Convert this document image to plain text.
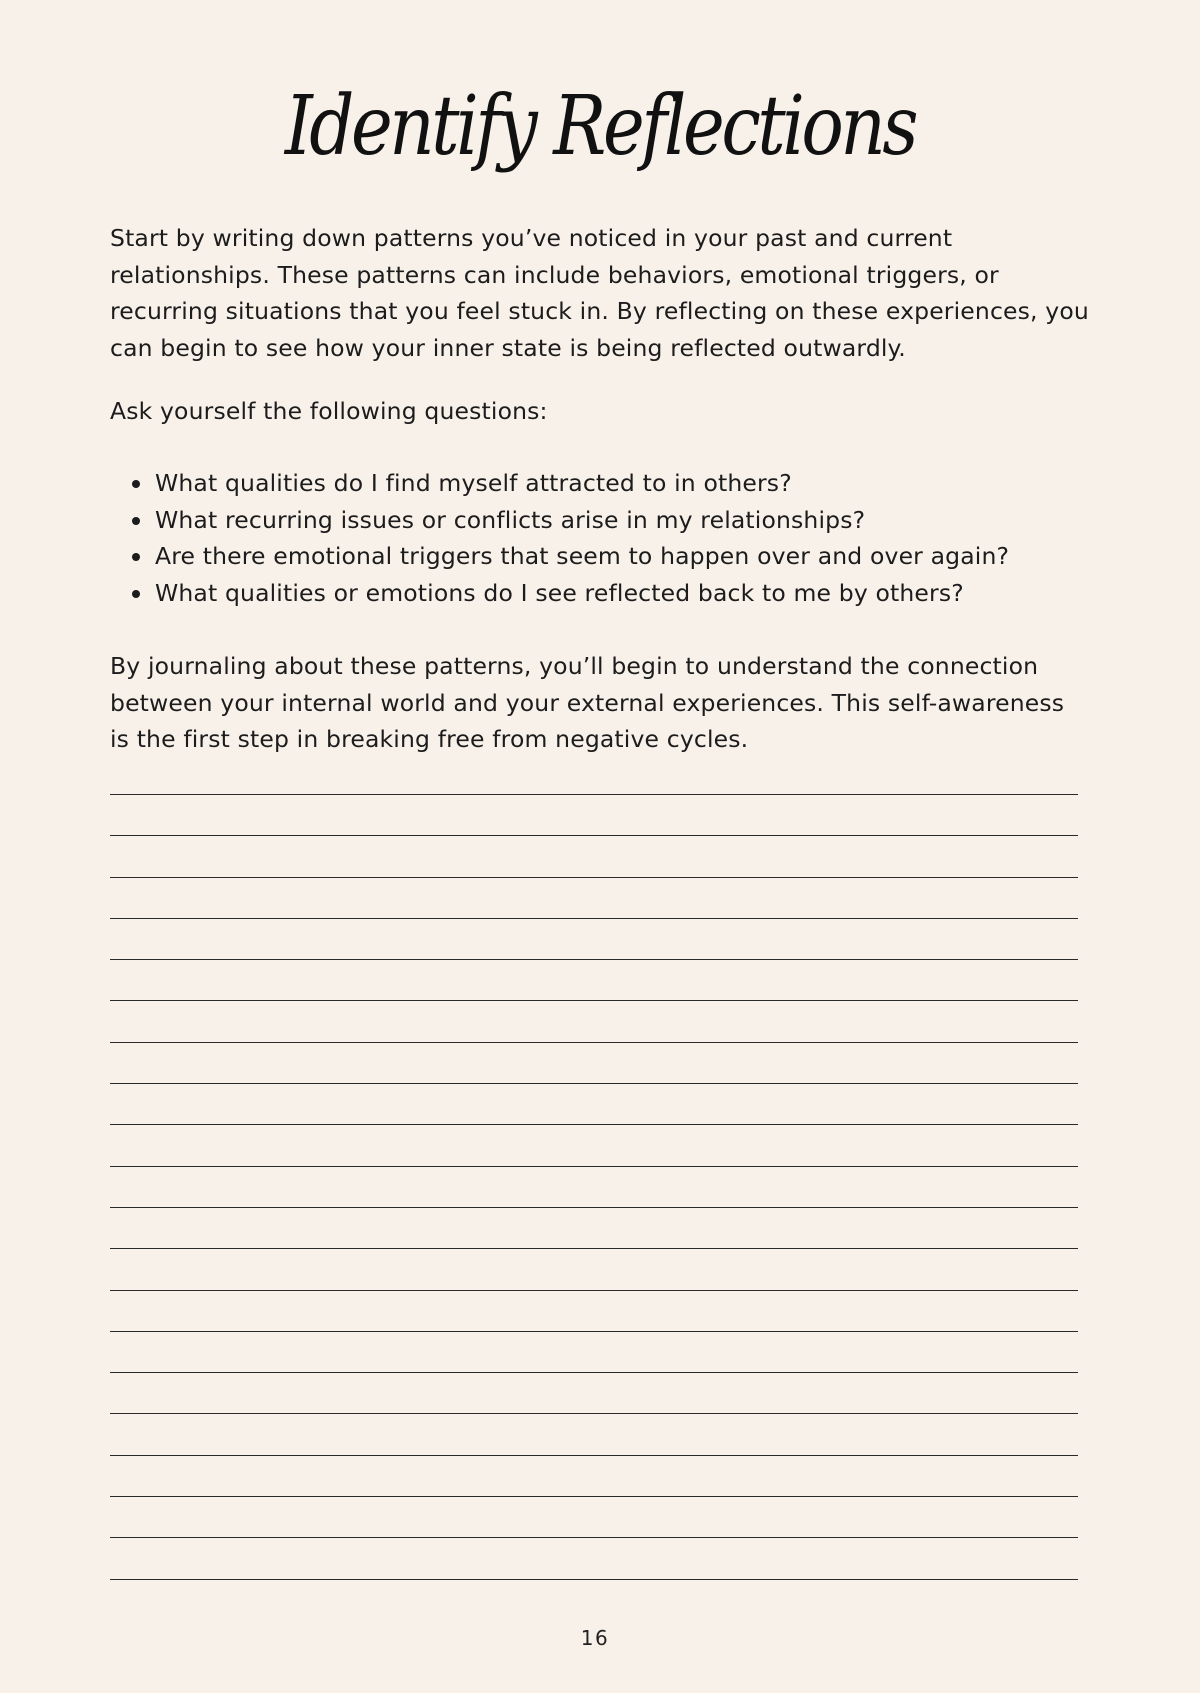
Identify Reflections

Start by writing down patterns you’ve noticed in your past and current relationships. These patterns can include behaviors, emotional triggers, or recurring situations that you feel stuck in. By reflecting on these experiences, you can begin to see how your inner state is being reflected outwardly.

Ask yourself the following questions:

What qualities do I find myself attracted to in others?
What recurring issues or conflicts arise in my relationships?
Are there emotional triggers that seem to happen over and over again?
What qualities or emotions do I see reflected back to me by others?

By journaling about these patterns, you’ll begin to understand the connection between your internal world and your external experiences. This self-awareness is the first step in breaking free from negative cycles.

16
